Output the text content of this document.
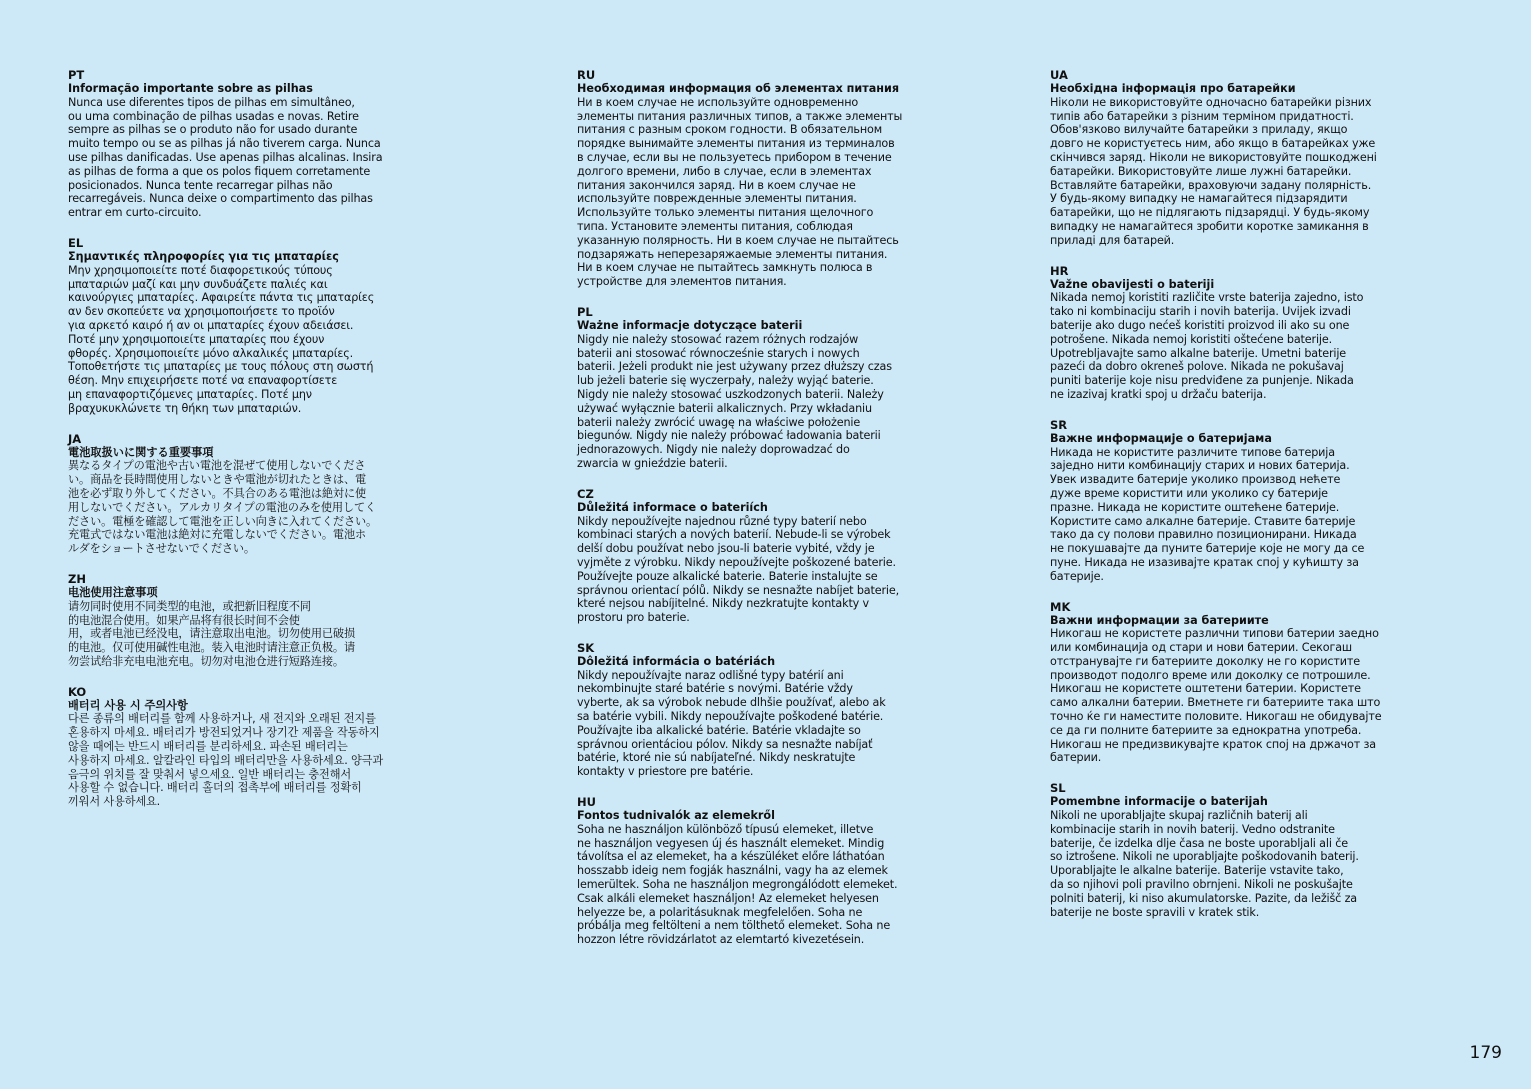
PT
Informação importante sobre as pilhas
Nunca use diferentes tipos de pilhas em simultâneo,
ou uma combinação de pilhas usadas e novas. Retire
sempre as pilhas se o produto não for usado durante
muito tempo ou se as pilhas já não tiverem carga. Nunca
use pilhas danificadas. Use apenas pilhas alcalinas. Insira
as pilhas de forma a que os polos fiquem corretamente
posicionados. Nunca tente recarregar pilhas não
recarregáveis. Nunca deixe o compartimento das pilhas
entrar em curto-circuito.
EL
Σημαντικές πληροφορίες για τις μπαταρίες
Μην χρησιμοποιείτε ποτέ διαφορετικούς τύπους
μπαταριών μαζί και μην συνδυάζετε παλιές και
καινούργιες μπαταρίες. Αφαιρείτε πάντα τις μπαταρίες
αν δεν σκοπεύετε να χρησιμοποιήσετε το προϊόν
για αρκετό καιρό ή αν οι μπαταρίες έχουν αδειάσει.
Ποτέ μην χρησιμοποιείτε μπαταρίες που έχουν
φθορές. Χρησιμοποιείτε μόνο αλκαλικές μπαταρίες.
Τοποθετήστε τις μπαταρίες με τους πόλους στη σωστή
θέση. Μην επιχειρήσετε ποτέ να επαναφορτίσετε
μη επαναφορτιζόμενες μπαταρίες. Ποτέ μην
βραχυκυκλώνετε τη θήκη των μπαταριών.
JA
電池取扱いに関する重要事項
異なるタイプの電池や古い電池を混ぜて使用しないでくださ
い。商品を長時間使用しないときや電池が切れたときは、電
池を必ず取り外してください。不具合のある電池は絶対に使
用しないでください。アルカリタイプの電池のみを使用してく
ださい。電極を確認して電池を正しい向きに入れてください。
充電式ではない電池は絶対に充電しないでください。電池ホ
ルダをショートさせないでください。
ZH
电池使用注意事项
请勿同时使用不同类型的电池，或把新旧程度不同
的电池混合使用。如果产品将有很长时间不会使
用，或者电池已经没电，请注意取出电池。切勿使用已破损
的电池。仅可使用碱性电池。装入电池时请注意正负极。请
勿尝试给非充电电池充电。切勿对电池仓进行短路连接。
KO
배터리 사용 시 주의사항
다른 종류의 배터리를 함께 사용하거나, 새 전지와 오래된 전지를
혼용하지 마세요. 배터리가 방전되었거나 장기간 제품을 작동하지
않을 때에는 반드시 배터리를 분리하세요. 파손된 배터리는
사용하지 마세요. 알칼라인 타입의 배터리만을 사용하세요. 양극과
음극의 위치를 잘 맞춰서 넣으세요. 일반 배터리는 충전해서
사용할 수 없습니다. 배터리 홀더의 접촉부에 배터리를 정확히
끼워서 사용하세요.
RU
Необходимая информация об элементах питания
Ни в коем случае не используйте одновременно
элементы питания различных типов, а также элементы
питания с разным сроком годности. В обязательном
порядке вынимайте элементы питания из терминалов
в случае, если вы не пользуетесь прибором в течение
долгого времени, либо в случае, если в элементах
питания закончился заряд. Ни в коем случае не
используйте поврежденные элементы питания.
Используйте только элементы питания щелочного
типа. Установите элементы питания, соблюдая
указанную полярность. Ни в коем случае не пытайтесь
подзаряжать неперезаряжаемые элементы питания.
Ни в коем случае не пытайтесь замкнуть полюса в
устройстве для элементов питания.
PL
Ważne informacje dotyczące baterii
Nigdy nie należy stosować razem różnych rodzajów
baterii ani stosować równocześnie starych i nowych
baterii. Jeżeli produkt nie jest używany przez dłuższy czas
lub jeżeli baterie się wyczerpały, należy wyjąć baterie.
Nigdy nie należy stosować uszkodzonych baterii. Należy
używać wyłącznie baterii alkalicznych. Przy wkładaniu
baterii należy zwrócić uwagę na właściwe położenie
biegunów. Nigdy nie należy próbować ładowania baterii
jednorazowych. Nigdy nie należy doprowadzać do
zwarcia w gnieździe baterii.
CZ
Důležitá informace o bateriích
Nikdy nepoužívejte najednou různé typy baterií nebo
kombinaci starých a nových baterií. Nebude-li se výrobek
delší dobu používat nebo jsou-li baterie vybité, vždy je
vyjměte z výrobku. Nikdy nepoužívejte poškozené baterie.
Používejte pouze alkalické baterie. Baterie instalujte se
správnou orientací pólů. Nikdy se nesnažte nabíjet baterie,
které nejsou nabíjitelné. Nikdy nezkratujte kontakty v
prostoru pro baterie.
SK
Dôležitá informácia o batériách
Nikdy nepoužívajte naraz odlišné typy batérií ani
nekombinujte staré batérie s novými. Batérie vždy
vyberte, ak sa výrobok nebude dlhšie používať, alebo ak
sa batérie vybili. Nikdy nepoužívajte poškodené batérie.
Používajte iba alkalické batérie. Batérie vkladajte so
správnou orientáciou pólov. Nikdy sa nesnažte nabíjať
batérie, ktoré nie sú nabíjateľné. Nikdy neskratujte
kontakty v priestore pre batérie.
HU
Fontos tudnivalók az elemekről
Soha ne használjon különböző típusú elemeket, illetve
ne használjon vegyesen új és használt elemeket. Mindig
távolítsa el az elemeket, ha a készüléket előre láthatóan
hosszabb ideig nem fogják használni, vagy ha az elemek
lemerültek. Soha ne használjon megrongálódott elemeket.
Csak alkáli elemeket használjon! Az elemeket helyesen
helyezze be, a polaritásuknak megfelelően. Soha ne
próbálja meg feltölteni a nem tölthető elemeket. Soha ne
hozzon létre rövidzárlatot az elemtartó kivezetésein.
UA
Необхідна інформація про батарейки
Ніколи не використовуйте одночасно батарейки різних
типів або батарейки з різним терміном придатності.
Обов'язково вилучайте батарейки з приладу, якщо
довго не користуєтесь ним, або якщо в батарейках уже
скінчився заряд. Ніколи не використовуйте пошкоджені
батарейки. Використовуйте лише лужні батарейки.
Вставляйте батарейки, враховуючи задану полярність.
У будь-якому випадку не намагайтеся підзарядити
батарейки, що не підлягають підзарядці. У будь-якому
випадку не намагайтеся зробити коротке замикання в
приладі для батарей.
HR
Važne obavijesti o bateriji
Nikada nemoj koristiti različite vrste baterija zajedno, isto
tako ni kombinaciju starih i novih baterija. Uvijek izvadi
baterije ako dugo nećeš koristiti proizvod ili ako su one
potrošene. Nikada nemoj koristiti oštećene baterije.
Upotrebljavajte samo alkalne baterije. Umetni baterije
pazeći da dobro okreneš polove. Nikada ne pokušavaj
puniti baterije koje nisu predviđene za punjenje. Nikada
ne izazivaj kratki spoj u držaču baterija.
SR
Важне информације о батеријама
Никада не користите различите типове батерија
заједно нити комбинацију старих и нових батерија.
Увек извадите батерије уколико производ нећете
дуже време користити или уколико су батерије
празне. Никада не користите оштећене батерије.
Користите само алкалне батерије. Ставите батерије
тако да су полови правилно позиционирани. Никада
не покушавајте да пуните батерије које не могу да се
пуне. Никада не изазивајте кратак спој у кућишту за
батерије.
MK
Важни информации за батериите
Никогаш не користете различни типови батерии заедно
или комбинација од стари и нови батерии. Секогаш
отстранувајте ги батериите доколку не го користите
производот подолго време или доколку се потрошиле.
Никогаш не користете оштетени батерии. Користете
само алкални батерии. Вметнете ги батериите така што
точно ќе ги наместите половите. Никогаш не обидувајте
се да ги полните батериите за еднократна употреба.
Никогаш не предизвикувајте краток спој на држачот за
батерии.
SL
Pomembne informacije o baterijah
Nikoli ne uporabljajte skupaj različnih baterij ali
kombinacije starih in novih baterij. Vedno odstranite
baterije, če izdelka dlje časa ne boste uporabljali ali če
so iztrošene. Nikoli ne uporabljajte poškodovanih baterij.
Uporabljajte le alkalne baterije. Baterije vstavite tako,
da so njihovi poli pravilno obrnjeni. Nikoli ne poskušajte
polniti baterij, ki niso akumulatorske. Pazite, da ležišč za
baterije ne boste spravili v kratek stik.
179
